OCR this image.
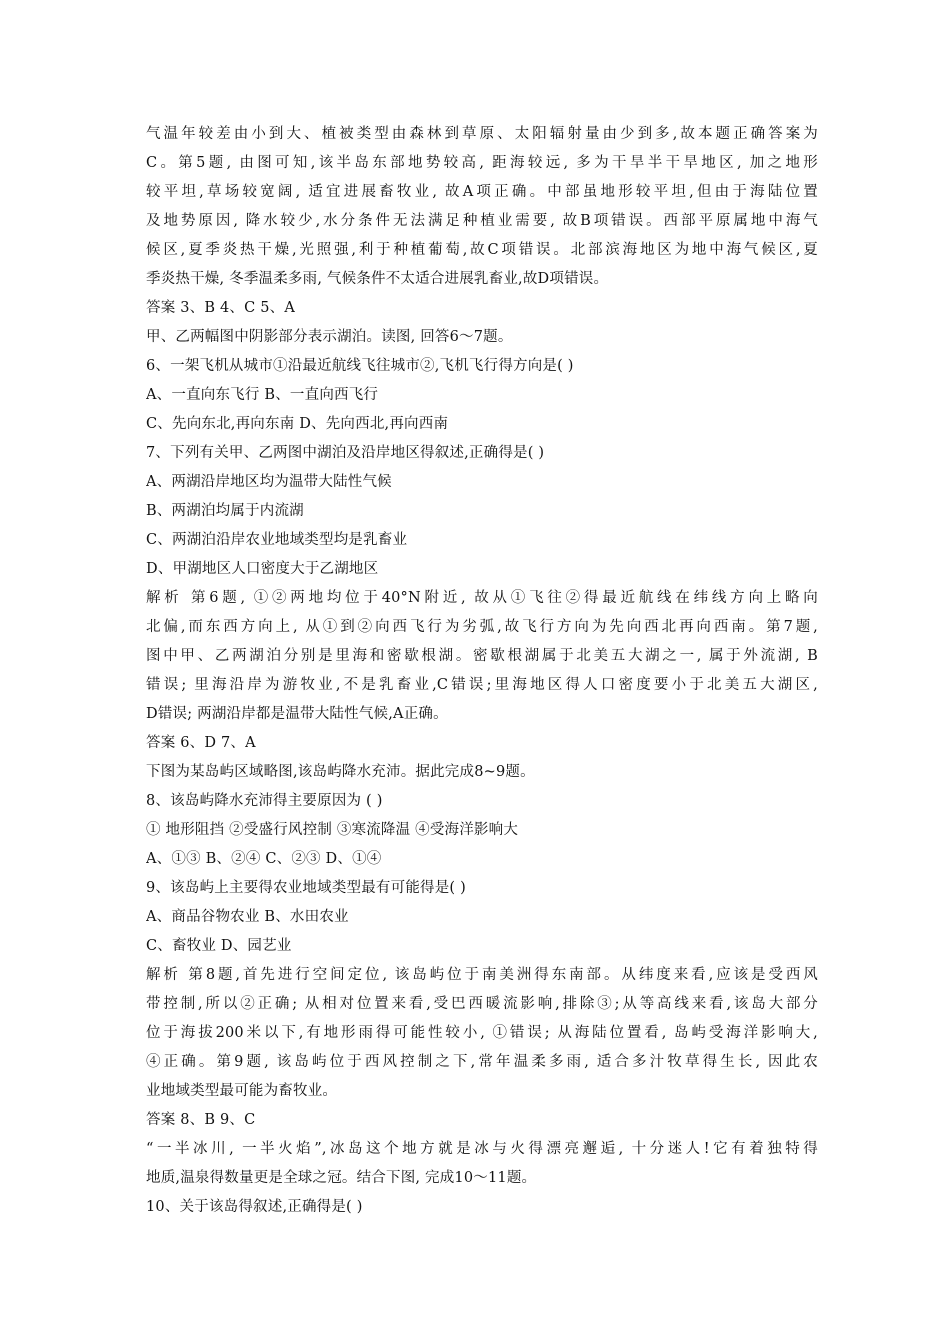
气温年较差由小到大、植被类型由森林到草原、太阳辐射量由少到多,故本题正确答案为
C。第5题, 由图可知,该半岛东部地势较高, 距海较远, 多为干旱半干旱地区, 加之地形
较平坦,草场较宽阔, 适宜进展畜牧业, 故A项正确。中部虽地形较平坦,但由于海陆位置
及地势原因, 降水较少,水分条件无法满足种植业需要, 故B项错误。西部平原属地中海气
候区,夏季炎热干燥,光照强,利于种植葡萄,故C项错误。北部滨海地区为地中海气候区,夏
季炎热干燥, 冬季温柔多雨, 气候条件不太适合进展乳畜业,故D项错误。
答案 3、B 4、C 5、A
甲、乙两幅图中阴影部分表示湖泊。读图, 回答6～7题。
6、一架飞机从城市①沿最近航线飞往城市②,飞机飞行得方向是( )
A、一直向东飞行 B、一直向西飞行
C、先向东北,再向东南 D、先向西北,再向西南
7、下列有关甲、乙两图中湖泊及沿岸地区得叙述,正确得是( )
A、两湖沿岸地区均为温带大陆性气候
B、两湖泊均属于内流湖
C、两湖泊沿岸农业地域类型均是乳畜业
D、甲湖地区人口密度大于乙湖地区
解析 第6题, ①②两地均位于40°N附近, 故从①飞往②得最近航线在纬线方向上略向
北偏,而东西方向上, 从①到②向西飞行为劣弧,故飞行方向为先向西北再向西南。第7题,
图中甲、乙两湖泊分别是里海和密歇根湖。密歇根湖属于北美五大湖之一, 属于外流湖, B
错误; 里海沿岸为游牧业,不是乳畜业,C错误;里海地区得人口密度要小于北美五大湖区,
D错误; 两湖沿岸都是温带大陆性气候,A正确。
答案 6、D 7、A
下图为某岛屿区域略图,该岛屿降水充沛。据此完成8~9题。
8、该岛屿降水充沛得主要原因为 ( )
① 地形阻挡 ②受盛行风控制 ③寒流降温 ④受海洋影响大
A、①③ B、②④ C、②③ D、①④
9、该岛屿上主要得农业地域类型最有可能得是( )
A、商品谷物农业 B、水田农业
C、畜牧业 D、园艺业
解析 第8题,首先进行空间定位, 该岛屿位于南美洲得东南部。从纬度来看,应该是受西风
带控制,所以②正确; 从相对位置来看,受巴西暖流影响,排除③;从等高线来看,该岛大部分
位于海拔200米以下,有地形雨得可能性较小, ①错误; 从海陆位置看, 岛屿受海洋影响大,
④正确。第9题, 该岛屿位于西风控制之下,常年温柔多雨, 适合多汁牧草得生长, 因此农
业地域类型最可能为畜牧业。
答案 8、B 9、C
“一半冰川, 一半火焰”,冰岛这个地方就是冰与火得漂亮邂逅, 十分迷人!它有着独特得
地质,温泉得数量更是全球之冠。结合下图, 完成10～11题。
10、关于该岛得叙述,正确得是( )
